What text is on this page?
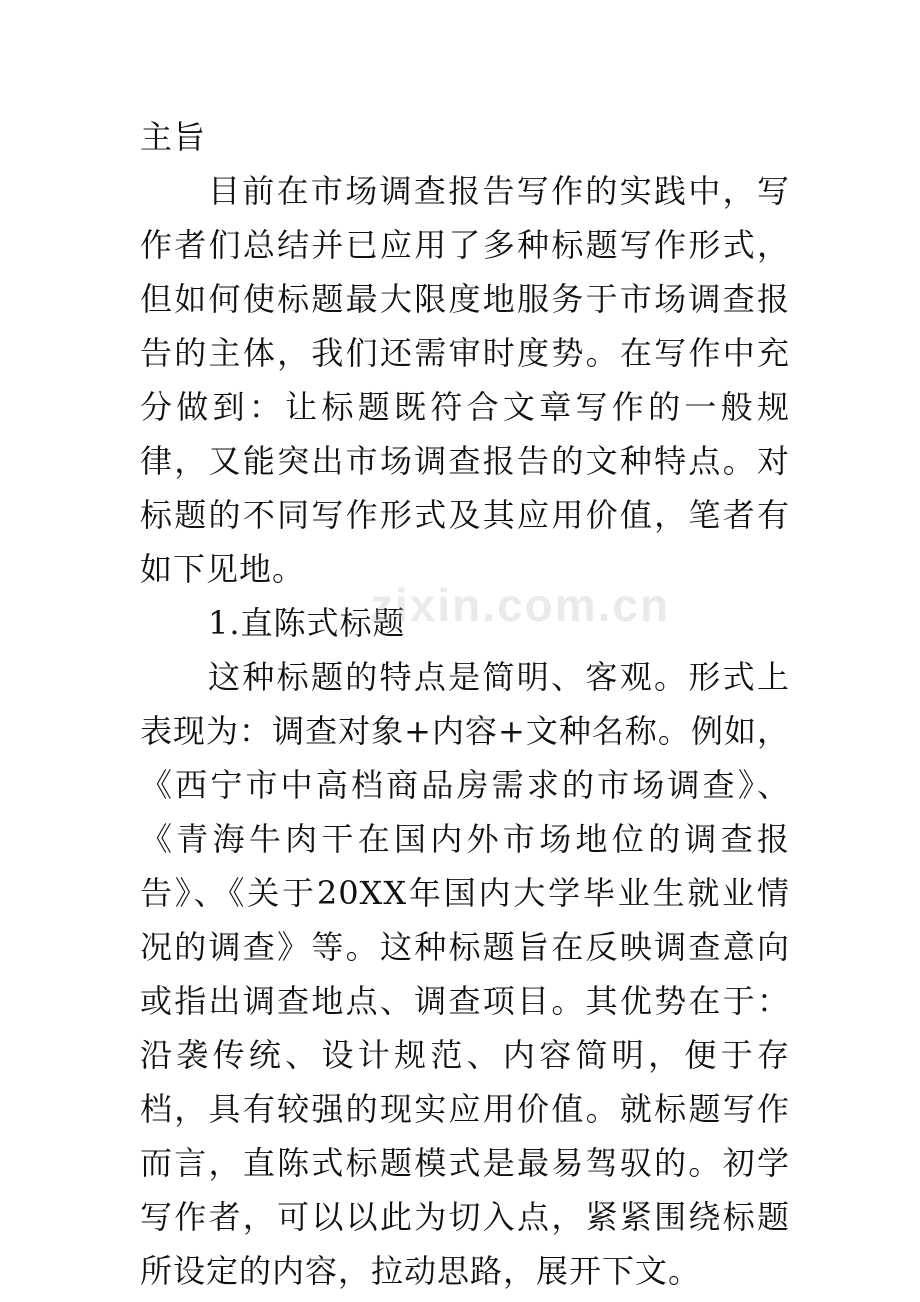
主旨

目前在市场调查报告写作的实践中，写作者们总结并已应用了多种标题写作形式，但如何使标题最大限度地服务于市场调查报告的主体，我们还需审时度势。在写作中充分做到：让标题既符合文章写作的一般规律，又能突出市场调查报告的文种特点。对标题的不同写作形式及其应用价值，笔者有如下见地。

1.直陈式标题

这种标题的特点是简明、客观。形式上表现为：调查对象+内容+文种名称。例如，《西宁市中高档商品房需求的市场调查》、《青海牛肉干在国内外市场地位的调查报告》、《关于20XX年国内大学毕业生就业情况的调查》等。这种标题旨在反映调查意向或指出调查地点、调查项目。其优势在于：沿袭传统、设计规范、内容简明，便于存档，具有较强的现实应用价值。就标题写作而言，直陈式标题模式是最易驾驭的。初学写作者，可以以此为切入点，紧紧围绕标题所设定的内容，拉动思路，展开下文。

zixin.com.cn
